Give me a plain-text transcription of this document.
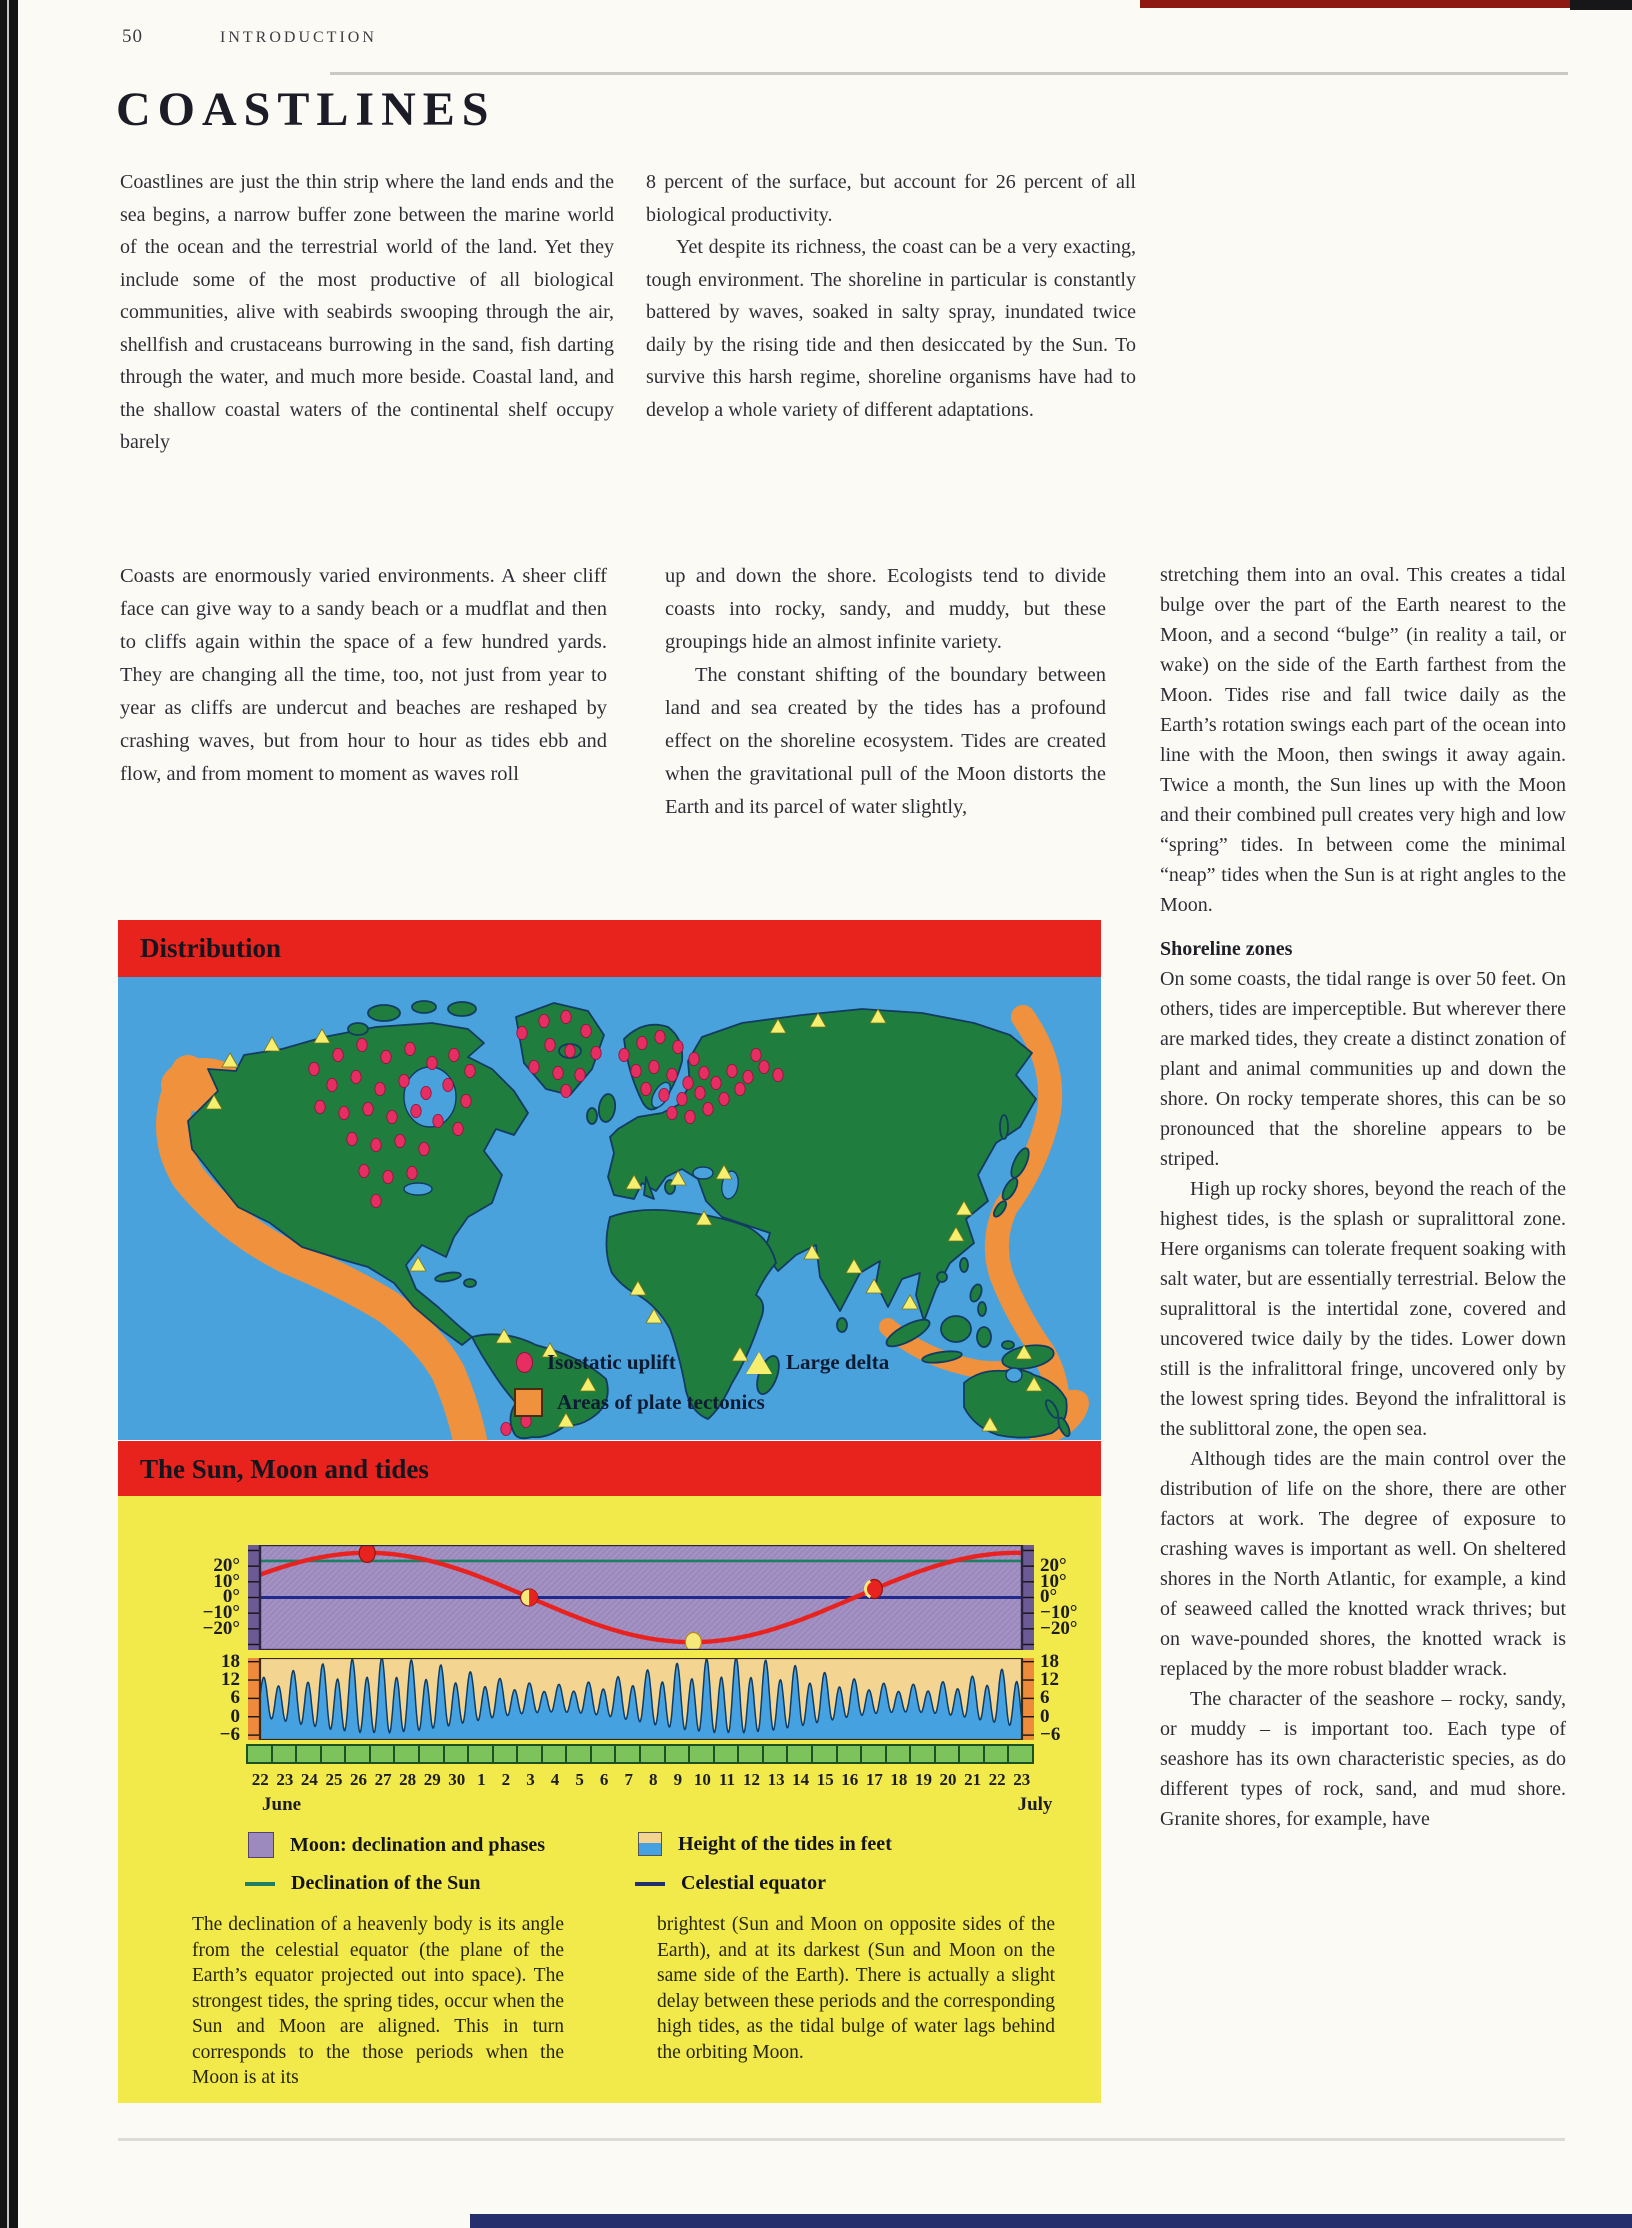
50	INTRODUCTION
COASTLINES

Coastlines are just the thin strip where the land ends and the sea begins, a narrow buffer zone between the marine world of the ocean and the terrestrial world of the land. Yet they include some of the most productive of all biological communities, alive with seabirds swooping through the air, shellfish and crustaceans burrowing in the sand, fish darting through the water, and much more beside. Coastal land, and the shallow coastal waters of the continental shelf occupy barely

8 percent of the surface, but account for 26 percent of all biological productivity.

Yet despite its richness, the coast can be a very exacting, tough environment. The shoreline in particular is constantly battered by waves, soaked in salty spray, inundated twice daily by the rising tide and then desiccated by the Sun. To survive this harsh regime, shoreline organisms have had to develop a whole variety of different adaptations.

Coasts are enormously varied environments. A sheer cliff face can give way to a sandy beach or a mudflat and then to cliffs again within the space of a few hundred yards. They are changing all the time, too, not just from year to year as cliffs are undercut and beaches are reshaped by crashing waves, but from hour to hour as tides ebb and flow, and from moment to moment as waves roll

up and down the shore. Ecologists tend to divide coasts into rocky, sandy, and muddy, but these groupings hide an almost infinite variety.

The constant shifting of the boundary between land and sea created by the tides has a profound effect on the shoreline ecosystem. Tides are created when the gravitational pull of the Moon distorts the Earth and its parcel of water slightly,

stretching them into an oval. This creates a tidal bulge over the part of the Earth nearest to the Moon, and a second “bulge” (in reality a tail, or wake) on the side of the Earth farthest from the Moon. Tides rise and fall twice daily as the Earth’s rotation swings each part of the ocean into line with the Moon, then swings it away again. Twice a month, the Sun lines up with the Moon and their combined pull creates very high and low “spring” tides. In between come the minimal “neap” tides when the Sun is at right angles to the Moon.

Shoreline zones

On some coasts, the tidal range is over 50 feet. On others, tides are imperceptible. But wherever there are marked tides, they create a distinct zonation of plant and animal communities up and down the shore. On rocky temperate shores, this can be so pronounced that the shoreline appears to be striped.

High up rocky shores, beyond the reach of the highest tides, is the splash or supralittoral zone. Here organisms can tolerate frequent soaking with salt water, but are essentially terrestrial. Below the supralittoral is the intertidal zone, covered and uncovered twice daily by the tides. Lower down still is the infralittoral fringe, uncovered only by the lowest spring tides. Beyond the infralittoral is the sublittoral zone, the open sea.

Although tides are the main control over the distribution of life on the shore, there are other factors at work. The degree of exposure to crashing waves is important as well. On sheltered shores in the North Atlantic, for example, a kind of seaweed called the knotted wrack thrives; but on wave-pounded shores, the knotted wrack is replaced by the more robust bladder wrack.

The character of the seashore – rocky, sandy, or muddy – is important too. Each type of seashore has its own characteristic species, as do different types of rock, sand, and mud shore. Granite shores, for example, have

Distribution
Isostatic uplift	Large delta
Areas of plate tectonics
The Sun, Moon and tides
20°
10°
0°
−10°
−20°
20°
10°
0°
−10°
−20°
18
12
6
0
−6
18
12
6
0
−6
22 23 24 25 26 27 28 29 30 1 2 3 4 5 6 7 8 9 10 11 12 13 14 15 16 17 18 19 20 21 22 23
June	July
Moon: declination and phases
Declination of the Sun
Height of the tides in feet
Celestial equator
The declination of a heavenly body is its angle from the celestial equator (the plane of the Earth’s equator projected out into space). The strongest tides, the spring tides, occur when the Sun and Moon are aligned. This in turn corresponds to the those periods when the Moon is at its
brightest (Sun and Moon on opposite sides of the Earth), and at its darkest (Sun and Moon on the same side of the Earth). There is actually a slight delay between these periods and the corresponding high tides, as the tidal bulge of water lags behind the orbiting Moon.
